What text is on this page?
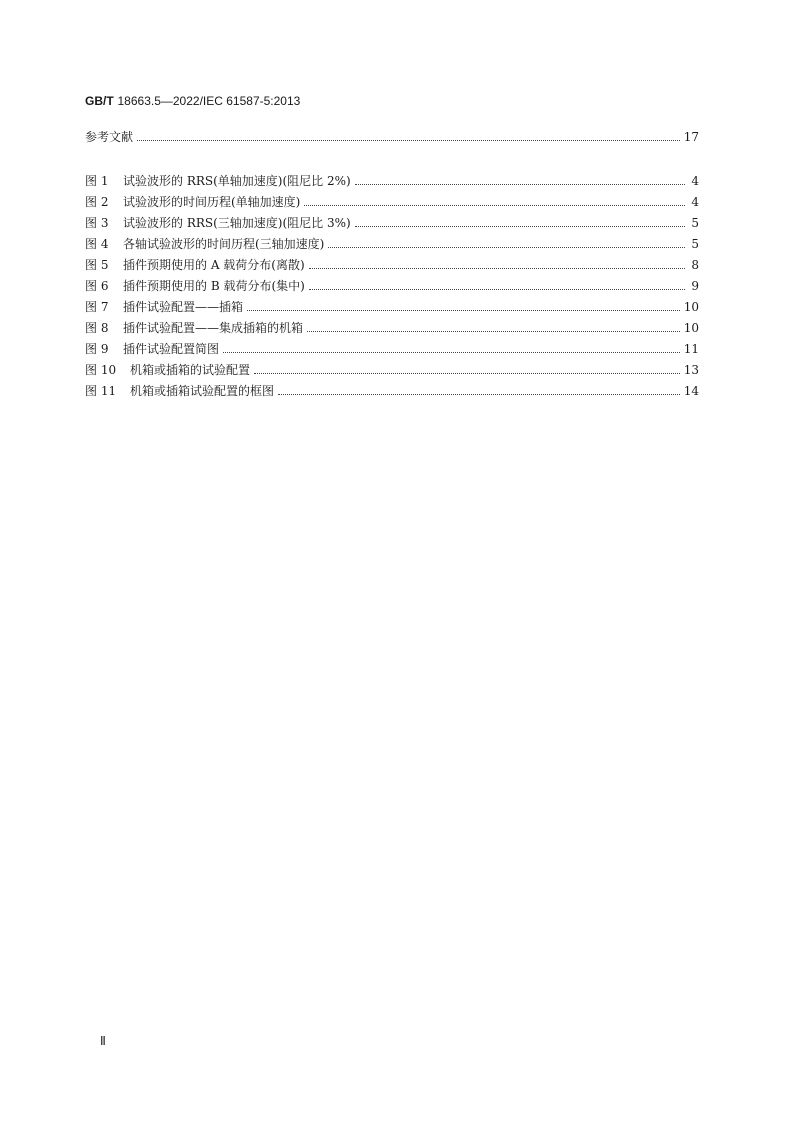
GB/T 18663.5—2022/IEC 61587-5:2013
参考文献	17
图 1	试验波形的 RRS(单轴加速度)(阻尼比 2%)	4
图 2	试验波形的时间历程(单轴加速度)	4
图 3	试验波形的 RRS(三轴加速度)(阻尼比 3%)	5
图 4	各轴试验波形的时间历程(三轴加速度)	5
图 5	插件预期使用的 A 载荷分布(离散)	8
图 6	插件预期使用的 B 载荷分布(集中)	9
图 7	插件试验配置——插箱	10
图 8	插件试验配置——集成插箱的机箱	10
图 9	插件试验配置简图	11
图 10	机箱或插箱的试验配置	13
图 11	机箱或插箱试验配置的框图	14
Ⅱ
